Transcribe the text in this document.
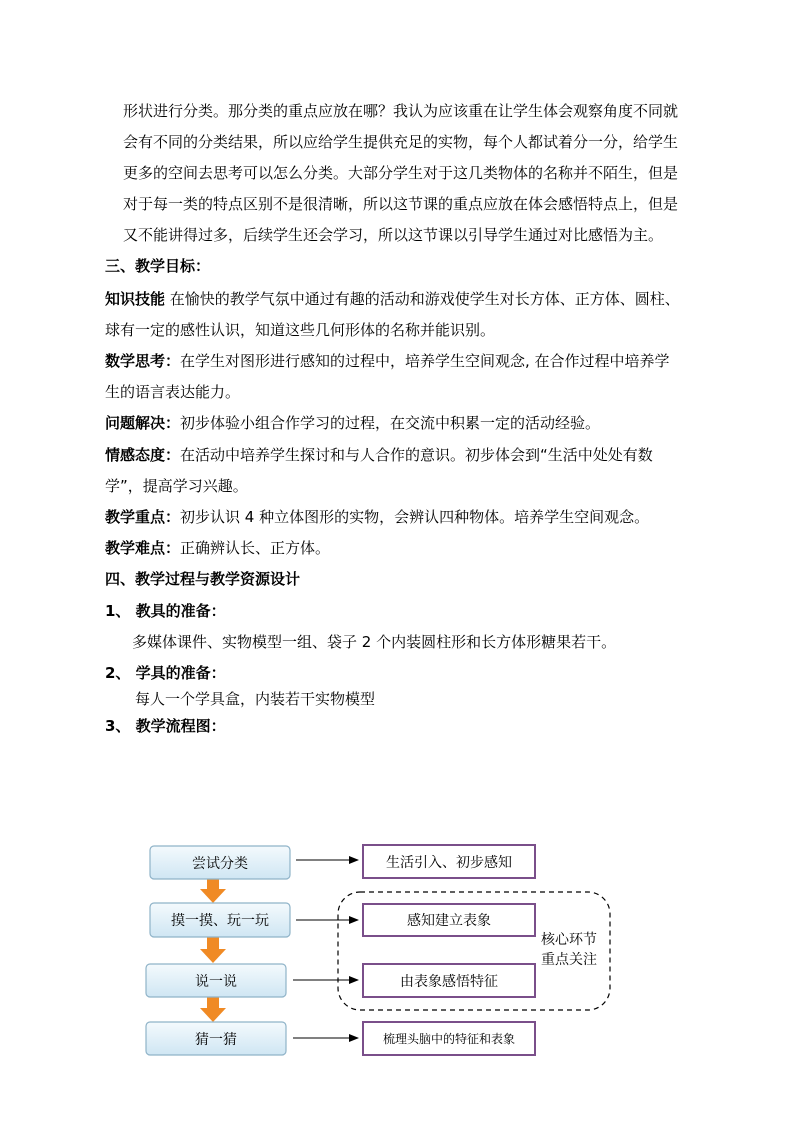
形状进行分类。那分类的重点应放在哪？我认为应该重在让学生体会观察角度不同就
会有不同的分类结果，所以应给学生提供充足的实物，每个人都试着分一分，给学生
更多的空间去思考可以怎么分类。大部分学生对于这几类物体的名称并不陌生，但是
对于每一类的特点区别不是很清晰，所以这节课的重点应放在体会感悟特点上，但是
又不能讲得过多，后续学生还会学习，所以这节课以引导学生通过对比感悟为主。
三、教学目标：
知识技能 在愉快的教学气氛中通过有趣的活动和游戏使学生对长方体、正方体、圆柱、
球有一定的感性认识，知道这些几何形体的名称并能识别。
数学思考：在学生对图形进行感知的过程中，培养学生空间观念, 在合作过程中培养学
生的语言表达能力。
问题解决：初步体验小组合作学习的过程，在交流中积累一定的活动经验。
情感态度：在活动中培养学生探讨和与人合作的意识。初步体会到“生活中处处有数
学”，提高学习兴趣。
教学重点：初步认识 4 种立体图形的实物，会辨认四种物体。培养学生空间观念。
教学难点：正确辨认长、正方体。
四、教学过程与教学资源设计
1、 教具的准备：
多媒体课件、实物模型一组、袋子 2 个内装圆柱形和长方体形糖果若干。
2、 学具的准备：
每人一个学具盒，内装若干实物模型
3、 教学流程图：
尝试分类
摸一摸、玩一玩
说一说
猜一猜
生活引入、初步感知
感知建立表象
由表象感悟特征
梳理头脑中的特征和表象
核心环节
重点关注
